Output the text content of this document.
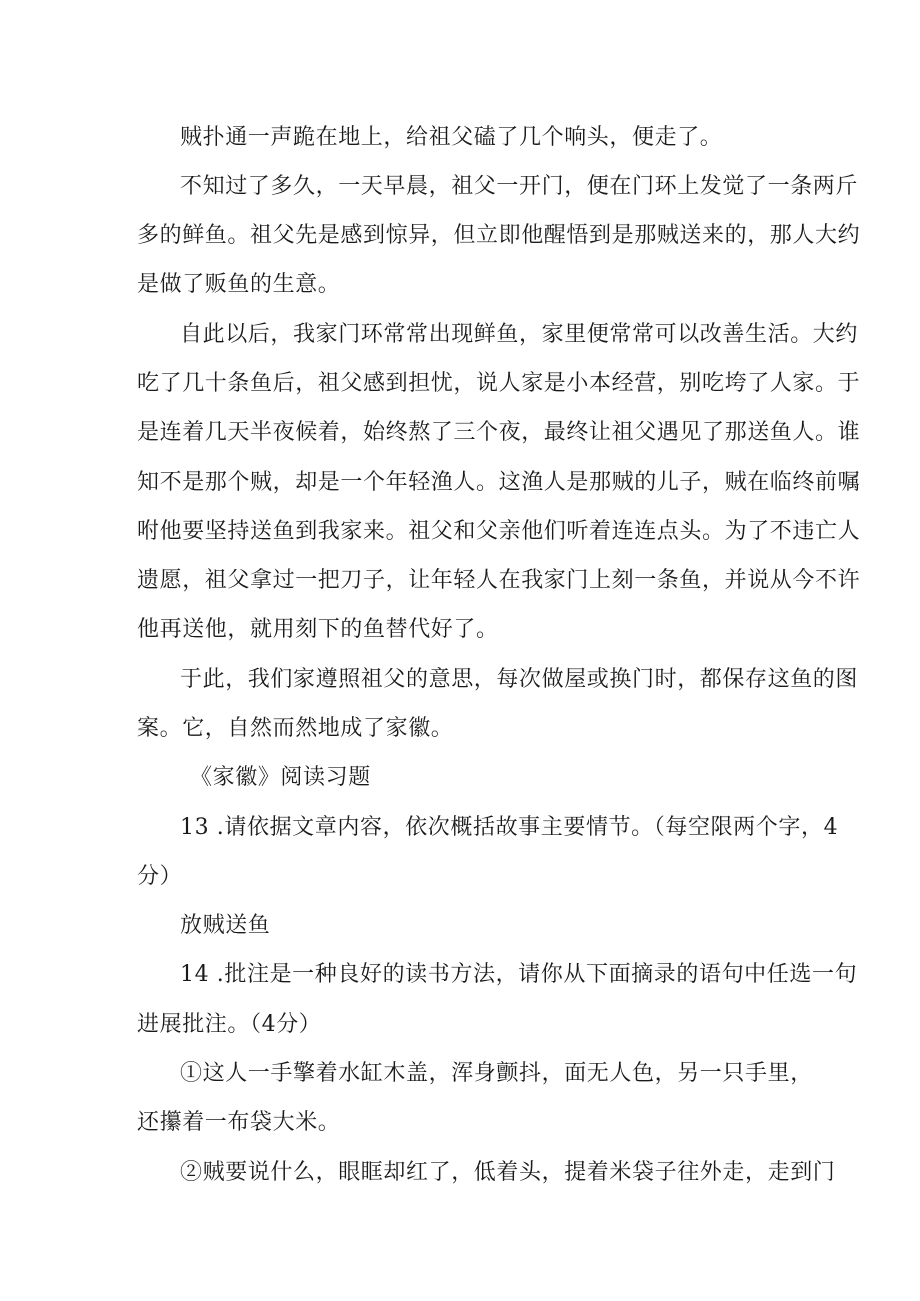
贼扑通一声跪在地上，给祖父磕了几个响头，便走了。
不知过了多久，一天早晨，祖父一开门，便在门环上发觉了一条两斤
多的鲜鱼。祖父先是感到惊异，但立即他醒悟到是那贼送来的，那人大约
是做了贩鱼的生意。
自此以后，我家门环常常出现鲜鱼，家里便常常可以改善生活。大约
吃了几十条鱼后，祖父感到担忧，说人家是小本经营，别吃垮了人家。于
是连着几天半夜候着，始终熬了三个夜，最终让祖父遇见了那送鱼人。谁
知不是那个贼，却是一个年轻渔人。这渔人是那贼的儿子，贼在临终前嘱
咐他要坚持送鱼到我家来。祖父和父亲他们听着连连点头。为了不违亡人
遗愿，祖父拿过一把刀子，让年轻人在我家门上刻一条鱼，并说从今不许
他再送他，就用刻下的鱼替代好了。
于此，我们家遵照祖父的意思，每次做屋或换门时，都保存这鱼的图
案。它，自然而然地成了家徽。
《家徽》阅读习题
13 .请依据文章内容，依次概括故事主要情节。（每空限两个字，4
分）
放贼送鱼
14 .批注是一种良好的读书方法，请你从下面摘录的语句中任选一句
进展批注。（4分）
①这人一手擎着水缸木盖，浑身颤抖，面无人色，另一只手里，
还攥着一布袋大米。
②贼要说什么，眼眶却红了，低着头，提着米袋子往外走，走到门
